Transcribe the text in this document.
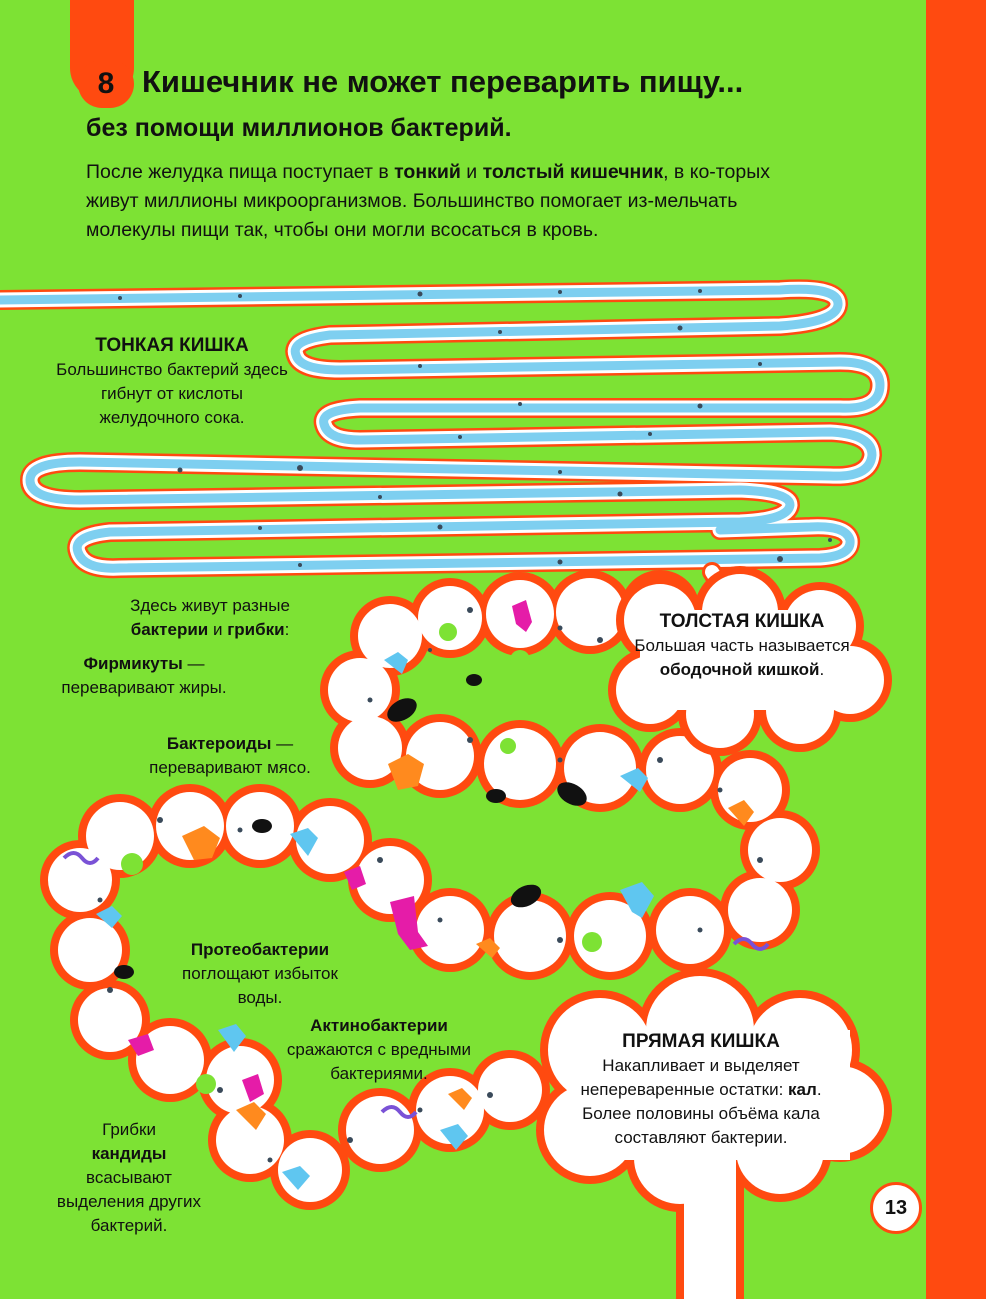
8 Кишечник не может переварить пищу...
без помощи миллионов бактерий.
После желудка пища поступает в тонкий и толстый кишечник, в ко-торых живут миллионы микроорганизмов. Большинство помогает из-мельчать молекулы пищи так, чтобы они могли всосаться в кровь.
ТОНКАЯ КИШКА
Большинство бактерий здесь гибнут от кислоты желудочного сока.
Здесь живут разные
бактерии и грибки:
Фирмикуты —
переваривают жиры.
Бактероиды —
переваривают мясо.
ТОЛСТАЯ КИШКА
Большая часть называется ободочной кишкой.
Протеобактерии
поглощают избыток воды.
Актинобактерии
сражаются с вредными бактериями.
Грибки
кандиды
всасывают выделения других бактерий.
ПРЯМАЯ КИШКА
Накапливает и выделяет непереваренные остатки: кал. Более половины объёма кала составляют бактерии.
13
